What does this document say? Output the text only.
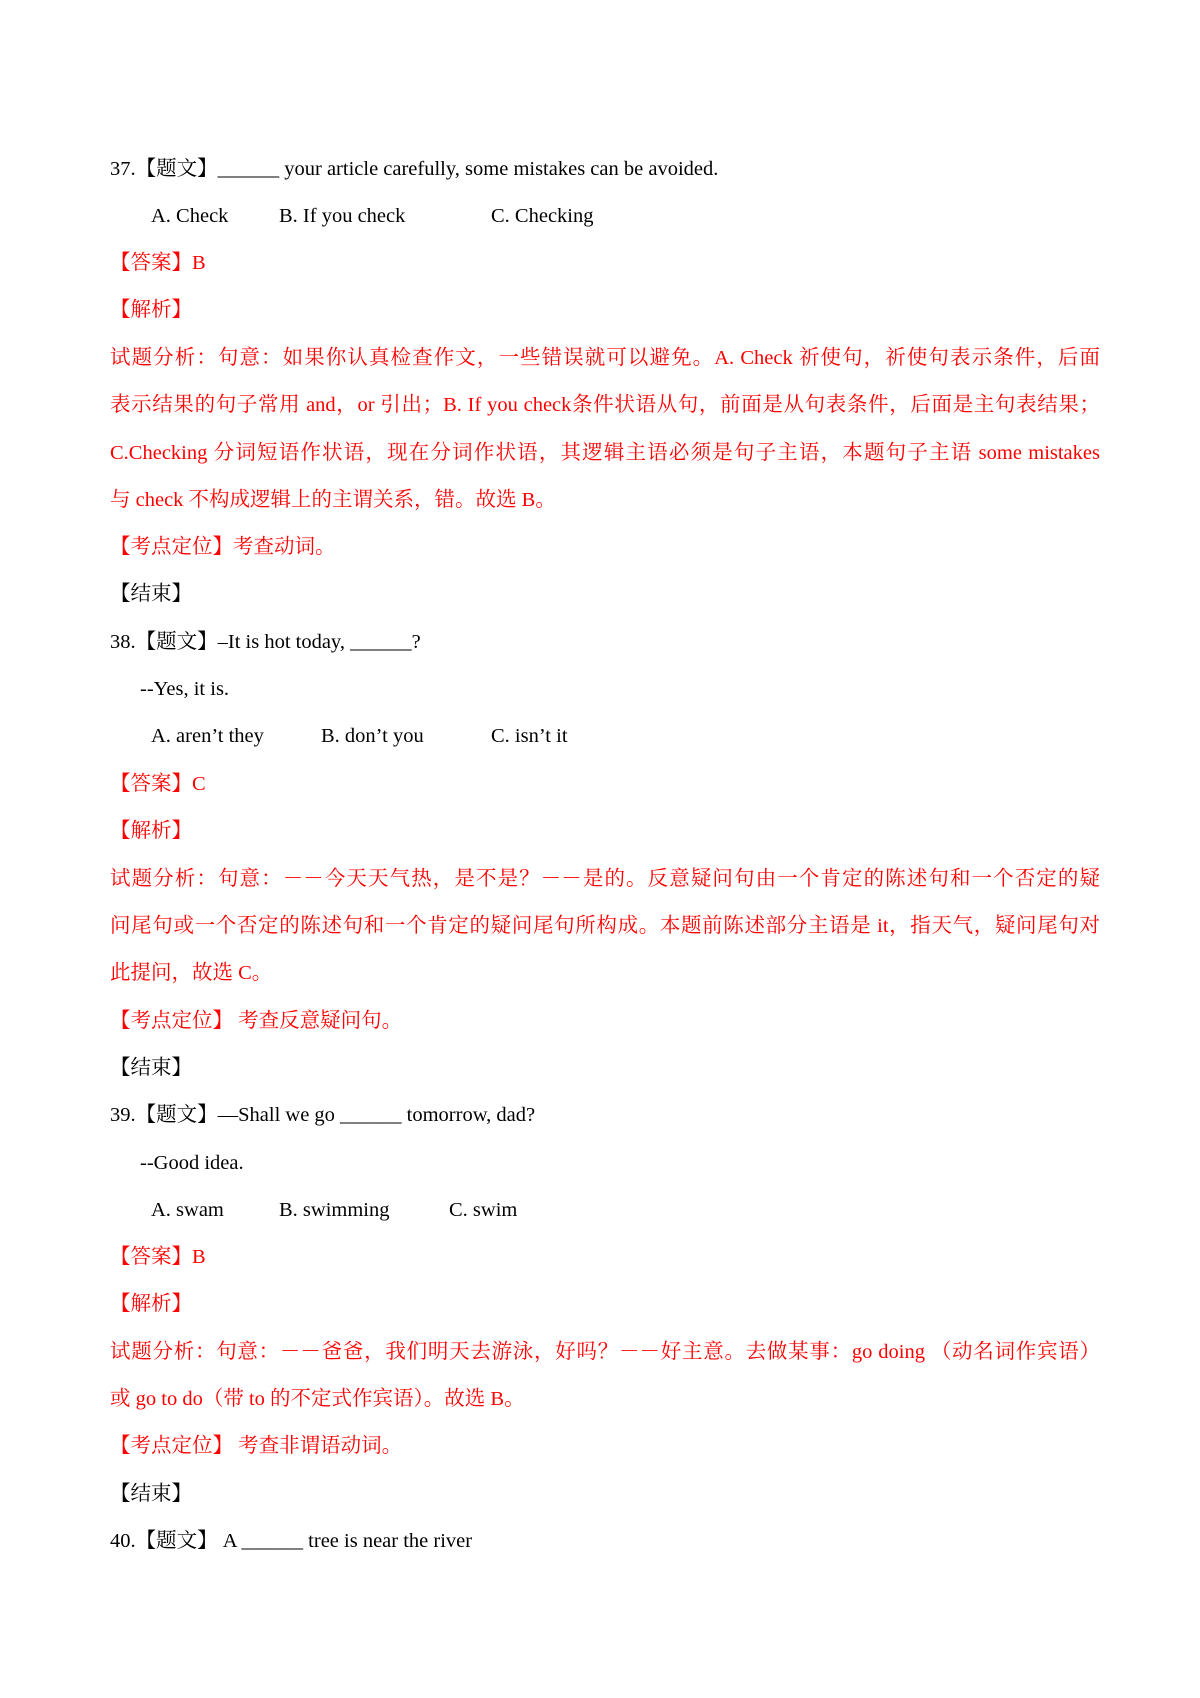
37.【题文】______ your article carefully, some mistakes can be avoided.
A. Check B. If you check	C. Checking
【答案】B
【解析】
试题分析：句意：如果你认真检查作文，一些错误就可以避免。A. Check 祈使句，祈使句表示条件，后面
表示结果的句子常用 and，or 引出；B. If you check条件状语从句，前面是从句表条件，后面是主句表结果；
C.Checking 分词短语作状语，现在分词作状语，其逻辑主语必须是句子主语，本题句子主语 some mistakes
与 check 不构成逻辑上的主谓关系，错。故选 B。
【考点定位】考查动词。
【结束】
38.【题文】–It is hot today, ______?
--Yes, it is.
A. aren’t they	B. don’t you	C. isn’t it
【答案】C
【解析】
试题分析：句意：－－今天天气热，是不是？－－是的。反意疑问句由一个肯定的陈述句和一个否定的疑
问尾句或一个否定的陈述句和一个肯定的疑问尾句所构成。本题前陈述部分主语是 it，指天气，疑问尾句对
此提问，故选 C。
【考点定位】 考查反意疑问句。
【结束】
39.【题文】—Shall we go ______ tomorrow, dad?
--Good idea.
A. swam	B. swimming	C. swim
【答案】B
【解析】
试题分析：句意：－－爸爸，我们明天去游泳，好吗？－－好主意。去做某事：go doing （动名词作宾语）
或 go to do（带 to 的不定式作宾语）。故选 B。
【考点定位】 考查非谓语动词。
【结束】
40.【题文】 A ______ tree is near the river
